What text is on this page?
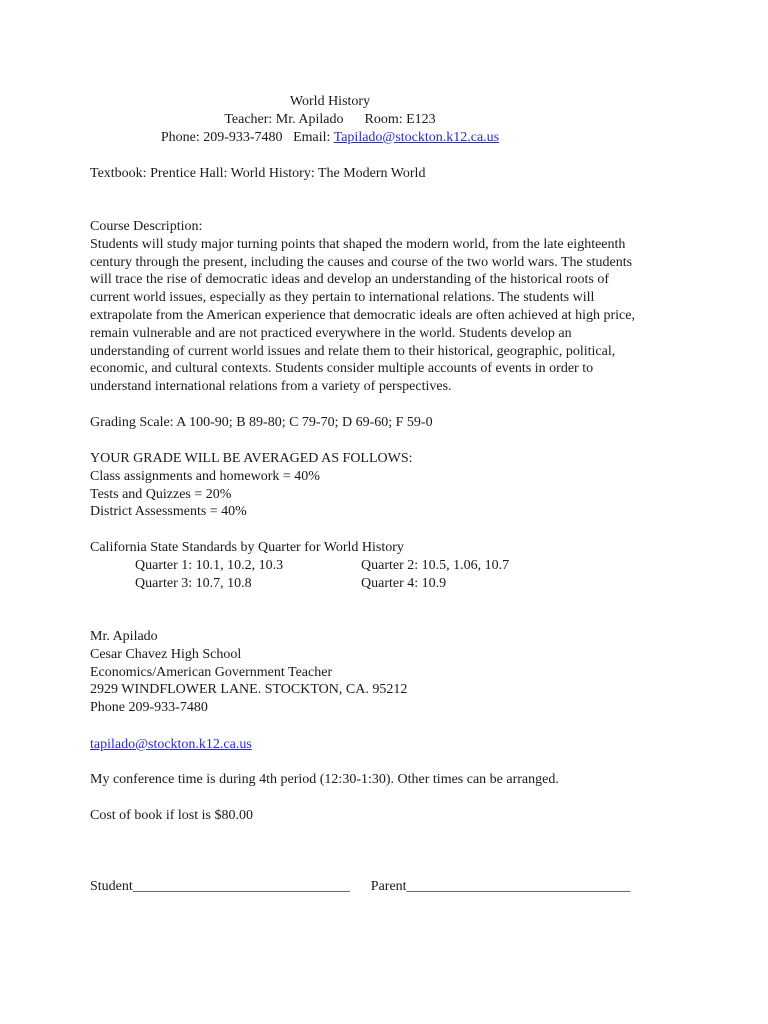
World History
Teacher: Mr. Apilado Room: E123
Phone: 209-933-7480 Email: Tapilado@stockton.k12.ca.us
Textbook: Prentice Hall: World History: The Modern World
Course Description:
Students will study major turning points that shaped the modern world, from the late eighteenth
century through the present, including the causes and course of the two world wars. The students
will trace the rise of democratic ideas and develop an understanding of the historical roots of
current world issues, especially as they pertain to international relations. The students will
extrapolate from the American experience that democratic ideals are often achieved at high price,
remain vulnerable and are not practiced everywhere in the world. Students develop an
understanding of current world issues and relate them to their historical, geographic, political,
economic, and cultural contexts. Students consider multiple accounts of events in order to
understand international relations from a variety of perspectives.
Grading Scale: A 100-90; B 89-80; C 79-70; D 69-60; F 59-0
YOUR GRADE WILL BE AVERAGED AS FOLLOWS:
Class assignments and homework = 40%
Tests and Quizzes = 20%
District Assessments = 40%
California State Standards by Quarter for World History
Quarter 1: 10.1, 10.2, 10.3	Quarter 2: 10.5, 1.06, 10.7
Quarter 3: 10.7, 10.8	Quarter 4: 10.9
Mr. Apilado
Cesar Chavez High School
Economics/American Government Teacher
2929 WINDFLOWER LANE. STOCKTON, CA. 95212
Phone 209-933-7480
tapilado@stockton.k12.ca.us
My conference time is during 4th period (12:30-1:30). Other times can be arranged.
Cost of book if lost is $80.00
Student_______________________________ Parent________________________________
